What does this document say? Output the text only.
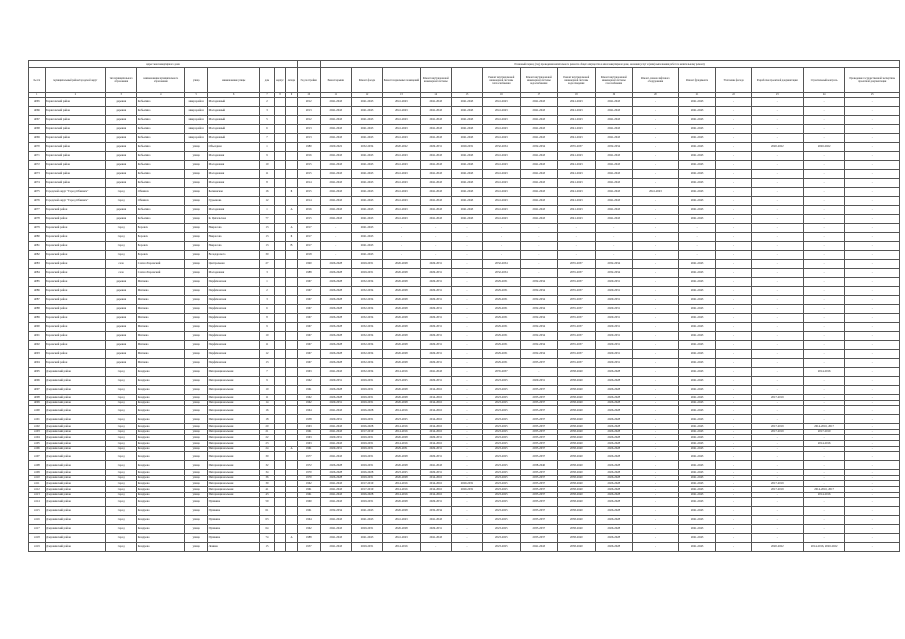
Адрес многоквартирного дома										Плановый период (год) проведения капитального ремонта общего имущества в многоквартирном доме, оказания услуг и (или) выполнения работ по капитальному ремонту														
№ п/п	муниципальный район/городской округ	тип муниципального образования	наименование муниципального образования	улица	наименование улицы	дом	корпус	литера	Год постройки	Ремонт крыши	Ремонт фасада	Ремонт подвальных помещений	Ремонт внутридомовой инженерной системы		Ремонт внутридомовой инженерной системы теплоснабжения	Ремонт внутридомовой инженерной системы водоснабжения	Ремонт внутридомовой инженерной системы водоотведения	Ремонт внутридомовой инженерной системы газоснабжения	Ремонт, замена лифтового оборудования	Ремонт фундамента	Утепление фасада	Разработка проектной документации	Строительный контроль	Проведение государственной экспертизы проектной документации
1	2	3	4	5	6	7	8	9	10	11	12	13	14	15	16	17	18	19	20	21	22	23	24	25
4065	Борисовский район	деревня	Кобылино	микрорайон	Молодежный	2			2012	2041-2043	2041-2043	2041-2043	2041-2043	2041-2043	2041-2043	2041-2043	2041-2043	2041-2043	-	2041-2043	-	-	-	-
4066	Борисовский район	деревня	Кобылино	микрорайон	Молодежный	3			2013	2041-2043	2041-2043	2041-2043	2041-2043	2041-2043	2041-2043	2041-2043	2041-2043	2041-2043	-	2041-2043	-	-	-	-
4067	Борисовский район	деревня	Кобылино	микрорайон	Молодежный	5			2012	2041-2043	2041-2043	2041-2043	2041-2043	2041-2043	2041-2043	2041-2043	2041-2043	2041-2043	-	2041-2043	-	-	-	-
4068	Борисовский район	деревня	Кобылино	микрорайон	Молодежный	6			2013	2041-2043	2041-2043	2041-2043	2041-2043	2041-2043	2041-2043	2041-2043	2041-2043	2041-2043	-	2041-2043	-	-	-	-
4069	Борисовский район	деревня	Кобылино	микрорайон	Молодежный	7			2013	2041-2043	2041-2043	2041-2043	2041-2043	2041-2043	2041-2043	2041-2043	2041-2043	2041-2043	-	2041-2043	-	-	-	-
4070	Борисовский район	деревня	Кобылино	улица	Объездная	1			1980	2020-2022	2032-2034	2020-2022	2029-2031	2029-2031	2032-2034	2032-2034	2035-2037	2032-2034	-	2041-2043	-	2020-2022	2020-2022	-
4071	Борисовский район	деревня	Кобылино	улица	Молодежная	9			2016	2041-2043	2041-2043	2041-2043	2041-2043	2041-2043	2041-2043	2041-2043	2041-2043	2041-2043	-	2041-2043	-	-	-	-
4072	Борисовский район	деревня	Кобылино	улица	Молодежная	10			2015	2041-2043	2041-2043	2041-2043	2041-2043	2041-2043	2041-2043	2041-2043	2041-2043	2041-2043	-	2041-2043	-	-	-	-
4073	Борисовский район	деревня	Кобылино	улица	Молодежная	11			2015	2041-2043	2041-2043	2041-2043	2041-2043	2041-2043	2041-2043	2041-2043	2041-2043	2041-2043	-	2041-2043	-	-	-	-
4074	Борисовский район	деревня	Кобылино	улица	Молодежная	8			2014	2041-2043	2041-2043	2041-2043	2041-2043	2041-2043	2041-2043	2041-2043	2041-2043	2041-2043	-	2041-2043	-	-	-	-
4075	Городской округ "Город Обнинск"	город	Обнинск	улица	Белкинская	16		Б	2015	2041-2043	2041-2043	2041-2043	2041-2043	2041-2043	2041-2043	2041-2043	2041-2043	2041-2043	2041-2043	2041-2043	-	-	-	-
4076	Городской округ "Город Обнинск"	город	Обнинск	улица	Гурьянова	12			2014	2041-2043	2041-2043	2041-2043	2041-2043	2041-2043	2041-2043	2041-2043	2041-2043	2041-2043	-	2041-2043	-	-	-	-
4077	Боровский район	деревня	Кобылино	улица	Молодежная	1		А	2016	2041-2043	2041-2043	2041-2043	2041-2043	2041-2043	2041-2043	2041-2043	2041-2043	2041-2043	-	2041-2043	-	-	-	-
4078	Боровский район	деревня	Кобылино	улица	К. Цигельтова	77			2015	2041-2043	2041-2043	2041-2043	2041-2043	2041-2043	2041-2043	2041-2043	2041-2043	2041-2043	-	2041-2043	-	-	-	-
4079	Боровский район	город	Боровск	улица	Некрасова	13		А	2017	-	2041-2043	-	-	-	-	-	-	-	-	-	-	-	-	-
4080	Боровский район	город	Боровск	улица	Некрасова	13		Б	2017	-	2041-2043	-	-	-	-	-	-	-	-	-	-	-	-	-
4081	Боровский район	город	Боровск	улица	Некрасова	13		В	2017	-	2041-2043	-	-	-	-	-	-	-	-	-	-	-	-	-
4082	Боровский район	город	Боровск	улица	Володарского	30			2018	-	2041-2043	-	-	-	-	-	-	-	-	-	-	-	-	-
4083	Боровский район	село	Совхоз Боровский	улица	Центральная	27			1990	2026-2028	2029-2031	2026-2028	2029-2031	-	2032-2034	-	2035-2037	2032-2034	-	2041-2043	-	-	-	-
4084	Боровский район	село	Совхоз Боровский	улица	Молодежная	3			1988	2026-2028	2029-2031	2026-2028	2029-2031	-	2032-2034	-	2035-2037	2032-2034	-	2041-2043	-	-	-	-
4085	Боровский район	деревня	Митяево	улица	Парфёновская	1			1967	2026-2028	2032-2034	2026-2028	2029-2031	-	2029-2031	2032-2034	2035-2037	2029-2031	-	2041-2043	-	-	-	-
4086	Боровский район	деревня	Митяево	улица	Парфёновская	2			1967	2026-2028	2032-2034	2026-2028	2029-2031	-	2029-2031	2032-2034	2035-2037	2029-2031	-	2041-2043	-	-	-	-
4087	Боровский район	деревня	Митяево	улица	Парфёновская	3			1967	2026-2028	2032-2034	2026-2028	2029-2031	-	2029-2031	2032-2034	2035-2037	2029-2031	-	2041-2043	-	-	-	-
4088	Боровский район	деревня	Митяево	улица	Парфёновская	6			1967	2026-2028	2032-2034	2026-2028	2029-2031	-	2029-2031	2032-2034	2035-2037	2029-2031	-	2041-2043	-	-	-	-
4089	Боровский район	деревня	Митяево	улица	Парфёновская	8			1967	2026-2028	2032-2034	2026-2028	2029-2031	-	2029-2031	2032-2034	2035-2037	2029-2031	-	2041-2043	-	-	-	-
4090	Боровский район	деревня	Митяево	улица	Парфёновская	9			1967	2026-2028	2032-2034	2026-2028	2029-2031	-	2029-2031	2032-2034	2035-2037	2029-2031	-	2041-2043	-	-	-	-
4091	Боровский район	деревня	Митяево	улица	Парфёновская	10			1967	2026-2028	2032-2034	2026-2028	2029-2031	-	2029-2031	2032-2034	2035-2037	2029-2031	-	2041-2043	-	-	-	-
4092	Боровский район	деревня	Митяево	улица	Парфёновская	11			1967	2026-2028	2032-2034	2026-2028	2029-2031	-	2029-2031	2032-2034	2035-2037	2029-2031	-	2041-2043	-	-	-	-
4093	Боровский район	деревня	Митяево	улица	Парфёновская	12			1967	2026-2028	2032-2034	2026-2028	2029-2031	-	2029-2031	2032-2034	2035-2037	2029-2031	-	2041-2043	-	-	-	-
4094	Боровский район	деревня	Митяево	улица	Парфёновская	13			1967	2026-2028	2032-2034	2026-2028	2029-2031	-	2029-2031	2035-2037	2035-2037	2029-2031	-	2041-2043	-	-	-	-
4095	Дзержинский район	город	Кондрово	улица	Интернациональная	7			1963	2041-2043	2032-2034	2014-2016	2041-2043	-	2035-2037	-	2038-2040	2026-2028	-	2041-2043	-	-	2014-2016	-
4096	Дзержинский район	город	Кондрово	улица	Интернациональная	9			1962	2029-2031	2029-2031	2023-2025	2029-2031	-	2023-2025	2029-2031	2038-2040	2026-2028	-	2041-2043	-	-	-	-
4097	Дзержинский район	город	Кондрово	улица	Интернациональная	10			1961	2026-2028	2029-2031	2026-2028	2014-2016	-	2023-2025	2035-2037	2038-2040	2026-2028	-	2041-2043	-	-	-	-
4098	Дзержинский район	город	Кондрово	улица	Интернациональная	11			1962	2026-2028	2029-2031	2026-2028	2014-2016	-	2023-2025	2035-2037	2038-2040	2026-2028	-	2041-2043	-	2017-2019	-	-
4099	Дзержинский район	город	Кондрово	улица	Интернациональная	14			1962	2029-2031	2029-2031	2026-2028	2014-2016	-	2023-2025	2035-2037	2038-2040	2026-2028	-	2041-2043	-	-	-	-
4100	Дзержинский район	город	Кондрово	улица	Интернациональная	16			1964	2041-2043	2026-2028	2014-2016	2014-2016	-	2023-2025	2035-2037	2038-2040	2026-2028	-	2041-2043	-	-	-	-
4101	Дзержинский район	город	Кондрово	улица	Интернациональная	18			1958	2029-2031	2029-2031	2023-2025	2014-2016	-	2023-2025	2035-2037	2038-2040	2026-2028	-	2041-2043	-	-	-	-
4102	Дзержинский район	город	Кондрово	улица	Интернациональная	20			1963	2041-2043	2026-2028	2014-2016	2014-2016	-	2023-2025	2035-2037	2038-2040	2026-2028	-	2041-2043	-	2017-2019	2014-2016, 2017	-
4103	Дзержинский район	город	Кондрово	улица	Интернациональная	21			1961	2041-2043	2017-2019	2014-2016	2014-2016	-	2023-2025	2035-2037	2038-2040	2026-2028	-	2041-2043	-	2017-2019	2017-2019	-
4104	Дзержинский район	город	Кондрово	улица	Интернациональная	22			1963	2029-2031	2029-2031	2026-2028	2029-2031	-	2023-2025	2035-2037	2038-2040	2026-2028	-	2041-2043	-	-	-	-
4105	Дзержинский район	город	Кондрово	улица	Интернациональная	23			1963	2041-2043	2029-2031	2014-2016	2014-2016	-	2023-2025	2035-2037	2038-2040	2026-2028	-	2041-2043	-	-	2014-2016	-
4106	Дзержинский район	город	Кондрово	улица	Интернациональная	24		А	1961	2029-2031	2029-2031	2029-2031	2029-2031	-	2023-2025	2035-2037	2038-2040	2026-2028	-	2041-2043	-	-	-	-
4107	Дзержинский район	город	Кондрово	улица	Интернациональная	30			1977	2041-2043	2029-2031	2026-2028	2029-2031	-	2023-2025	2035-2037	2038-2040	2026-2028	-	2041-2043	-	-	-	-
4108	Дзержинский район	город	Кондрово	улица	Интернациональная	32			1972	2026-2028	2029-2031	2026-2028	2041-2043	-	2023-2025	2038-2040	2038-2040	2026-2028	-	2041-2043	-	-	-	-
4109	Дзержинский район	город	Кондрово	улица	Интернациональная	34			1970	2026-2028	2026-2028	2023-2025	2029-2031	-	2023-2025	2035-2037	2038-2040	2026-2028	-	2041-2043	-	-	-	-
4110	Дзержинский район	город	Кондрово	улица	Интернациональная	36			1970	2026-2028	2029-2031	2026-2028	2014-2016	-	2023-2025	2035-2037	2038-2040	2026-2028	-	2041-2043	-	-	-	-
4111	Дзержинский район	город	Кондрово	улица	Интернациональная	39			1962	2041-2043	2017-2019	2014-2016	2014-2016	2029-2031	2023-2025	2035-2037	2038-2040	2026-2028	-	2041-2043	-	2017-2019	-	-
4112	Дзержинский район	город	Кондрово	улица	Интернациональная	41			1961	2041-2043	2017-2019	2014-2016	2014-2016	2029-2031	2023-2025	2035-2037	2038-2040	2026-2028	-	2041-2043	-	2017-2019	2014-2016, 2017	-
4113	Дзержинский район	город	Кондрово	улица	Интернациональная	43			1961	2041-2043	2026-2028	2014-2016	2014-2016	-	2023-2025	2035-2037	2038-2040	2026-2028	-	2041-2043	-	-	2014-2016	-
4114	Дзержинский район	город	Кондрово	улица	Пушкина	59			1960	2041-2043	2029-2031	2026-2028	2029-2031	-	2023-2025	2035-2037	2038-2040	2026-2028	-	2041-2043	-	-	-	-
4115	Дзержинский район	город	Кондрово	улица	Пушкина	61			1961	2032-2034	2041-2043	2026-2028	2032-2034	-	2023-2025	2035-2037	2038-2040	2026-2028	-	2041-2043	-	-	-	-
4116	Дзержинский район	город	Кондрово	улица	Пушкина	63			1964	2041-2043	2041-2043	2041-2043	2041-2043	-	2023-2025	2035-2037	2038-2040	2026-2028	-	2041-2043	-	-	-	-
4117	Дзержинский район	город	Кондрово	улица	Пушкина	64			1962	2041-2043	2029-2031	2026-2028	2029-2031	-	2023-2025	2035-2037	2038-2040	2026-2028	-	2041-2043	-	-	-	-
4118	Дзержинский район	город	Кондрово	улица	Пушкина	74		А	1988	2041-2043	2041-2043	2041-2043	2041-2043	-	2023-2025	2035-2037	2038-2040	2026-2028	-	2041-2043	-	-	-	-
4119	Дзержинский район	город	Кондрово	улица	Ленина	15			1957	2041-2043	2029-2031	2014-2016	-	-	2023-2025	2041-2043	2038-2040	2026-2028	-	2041-2043	-	2020-2022	2014-2016, 2020-2022	-
